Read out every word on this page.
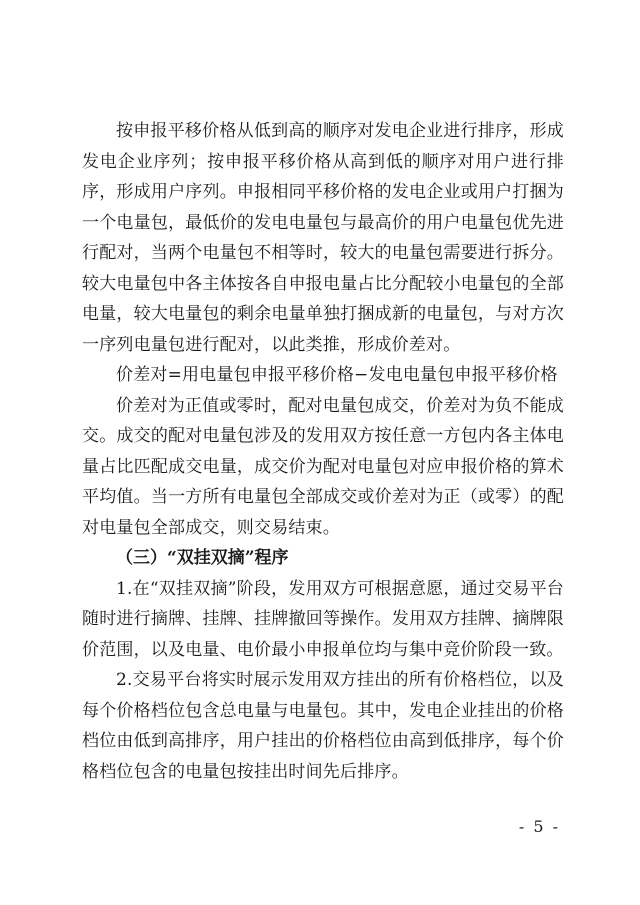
按申报平移价格从低到高的顺序对发电企业进行排序，形成发电企业序列；按申报平移价格从高到低的顺序对用户进行排序，形成用户序列。申报相同平移价格的发电企业或用户打捆为一个电量包，最低价的发电电量包与最高价的用户电量包优先进行配对，当两个电量包不相等时，较大的电量包需要进行拆分。较大电量包中各主体按各自申报电量占比分配较小电量包的全部电量，较大电量包的剩余电量单独打捆成新的电量包，与对方次一序列电量包进行配对，以此类推，形成价差对。

价差对=用电量包申报平移价格−发电电量包申报平移价格

价差对为正值或零时，配对电量包成交，价差对为负不能成交。成交的配对电量包涉及的发用双方按任意一方包内各主体电量占比匹配成交电量，成交价为配对电量包对应申报价格的算术平均值。当一方所有电量包全部成交或价差对为正（或零）的配对电量包全部成交，则交易结束。

（三）“双挂双摘”程序

1.在“双挂双摘”阶段，发用双方可根据意愿，通过交易平台随时进行摘牌、挂牌、挂牌撤回等操作。发用双方挂牌、摘牌限价范围，以及电量、电价最小申报单位均与集中竞价阶段一致。

2.交易平台将实时展示发用双方挂出的所有价格档位，以及每个价格档位包含总电量与电量包。其中，发电企业挂出的价格档位由低到高排序，用户挂出的价格档位由高到低排序，每个价格档位包含的电量包按挂出时间先后排序。

- 5 -
